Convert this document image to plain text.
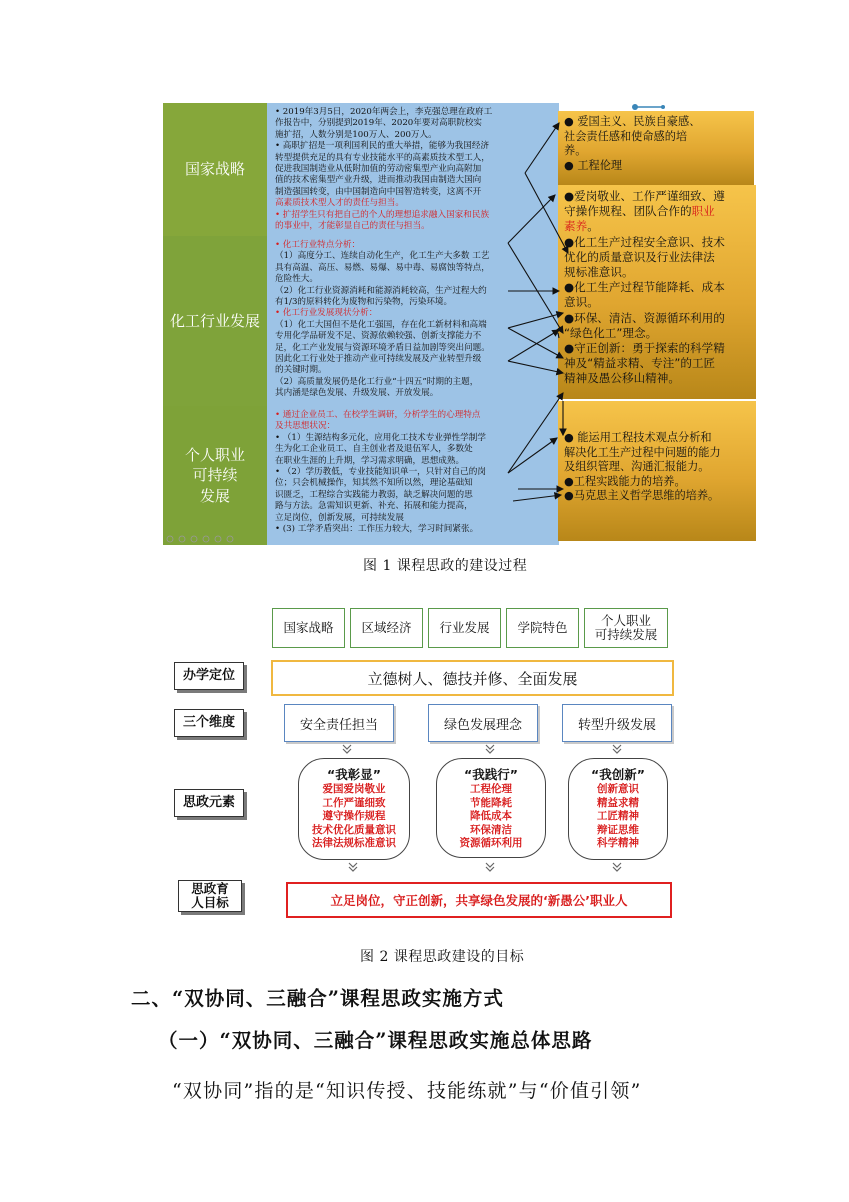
国家战略
化工行业发展
个人职业
可持续
发展
• 2019年3月5日，2020年两会上，李克强总理在政府工
作报告中，分别提到2019年、2020年要对高职院校实
施扩招，人数分别是100万人、200万人。
• 高职扩招是一项利国利民的重大举措，能够为我国经济
转型提供充足的具有专业技能水平的高素质技术型工人，
促进我国制造业从低附加值的劳动密集型产业向高附加
值的技术密集型产业升级，进而推动我国由制造大国向
制造强国转变，由中国制造向中国智造转变，这离不开
高素质技术型人才的责任与担当。
• 扩招学生只有把自己的个人的理想追求融入国家和民族
的事业中，才能彰显自己的责任与担当。
• 化工行业特点分析：
（1）高度分工、连续自动化生产，化工生产大多数 工艺
具有高温、高压、易燃、易爆、易中毒、易腐蚀等特点，
危险性大。
（2）化工行业资源消耗和能源消耗较高，生产过程大约
有1/3的原料转化为废物和污染物，污染环境。
• 化工行业发展现状分析：
（1）化工大国但不是化工强国，存在化工新材料和高端
专用化学品研发不足、资源依赖较强、创新支撑能力不
足，化工产业发展与资源环境矛盾日益加剧等突出问题。
因此化工行业处于推动产业可持续发展及产业转型升级
的关键时期。
（2）高质量发展仍是化工行业“十四五”时期的主题，
其内涵是绿色发展、升级发展、开放发展。
• 通过企业员工、在校学生调研，分析学生的心理特点
及共思想状况：
• （1）生源结构多元化，应用化工技术专业弹性学制学
生为化工企业员工、自主创业者及退伍军人，多数处
在职业生涯的上升期，学习需求明确，思想成熟。
• （2）学历教低，专业技能知识单一，只针对自己的岗
位；只会机械操作，知其然不知所以然，理论基础知
识匮乏，工程综合实践能力教弱，缺乏解决问题的思
路与方法。急需知识更新、补充、拓展和能力提高，
立足岗位，创新发展，可持续发展
• (3) 工学矛盾突出：工作压力较大，学习时间紧张。
● 爱国主义、民族自豪感、
社会责任感和使命感的培
养。
● 工程伦理
●爱岗敬业、工作严谨细致、遵
守操作规程、团队合作的职业
素养。
●化工生产过程安全意识、技术
优化的质量意识及行业法律法
规标准意识。
●化工生产过程节能降耗、成本
意识。
●环保、清洁、资源循环利用的
“绿色化工”理念。
●守正创新：勇于探索的科学精
神及“精益求精、专注”的工匠
精神及愚公移山精神。
● 能运用工程技术观点分析和
解决化工生产过程中问题的能力
及组织管理、沟通汇报能力。
●工程实践能力的培养。
●马克思主义哲学思维的培养。
图 1 课程思政的建设过程
国家战略	区域经济	行业发展	学院特色	个人职业
可持续发展
办学定位	立德树人、德技并修、全面发展
三个维度	安全责任担当	绿色发展理念	转型升级发展
思政元素
“我彰显”
爱国爱岗敬业
工作严谨细致
遵守操作规程
技术优化质量意识
法律法规标准意识
“我践行”
工程伦理
节能降耗
降低成本
环保清洁
资源循环利用
“我创新”
创新意识
精益求精
工匠精神
辩证思维
科学精神
思政育
人目标	立足岗位，守正创新，共享绿色发展的‘新愚公’职业人
图 2 课程思政建设的目标
二、“双协同、三融合”课程思政实施方式
（一）“双协同、三融合”课程思政实施总体思路
“双协同”指的是“知识传授、技能练就”与“价值引领”
